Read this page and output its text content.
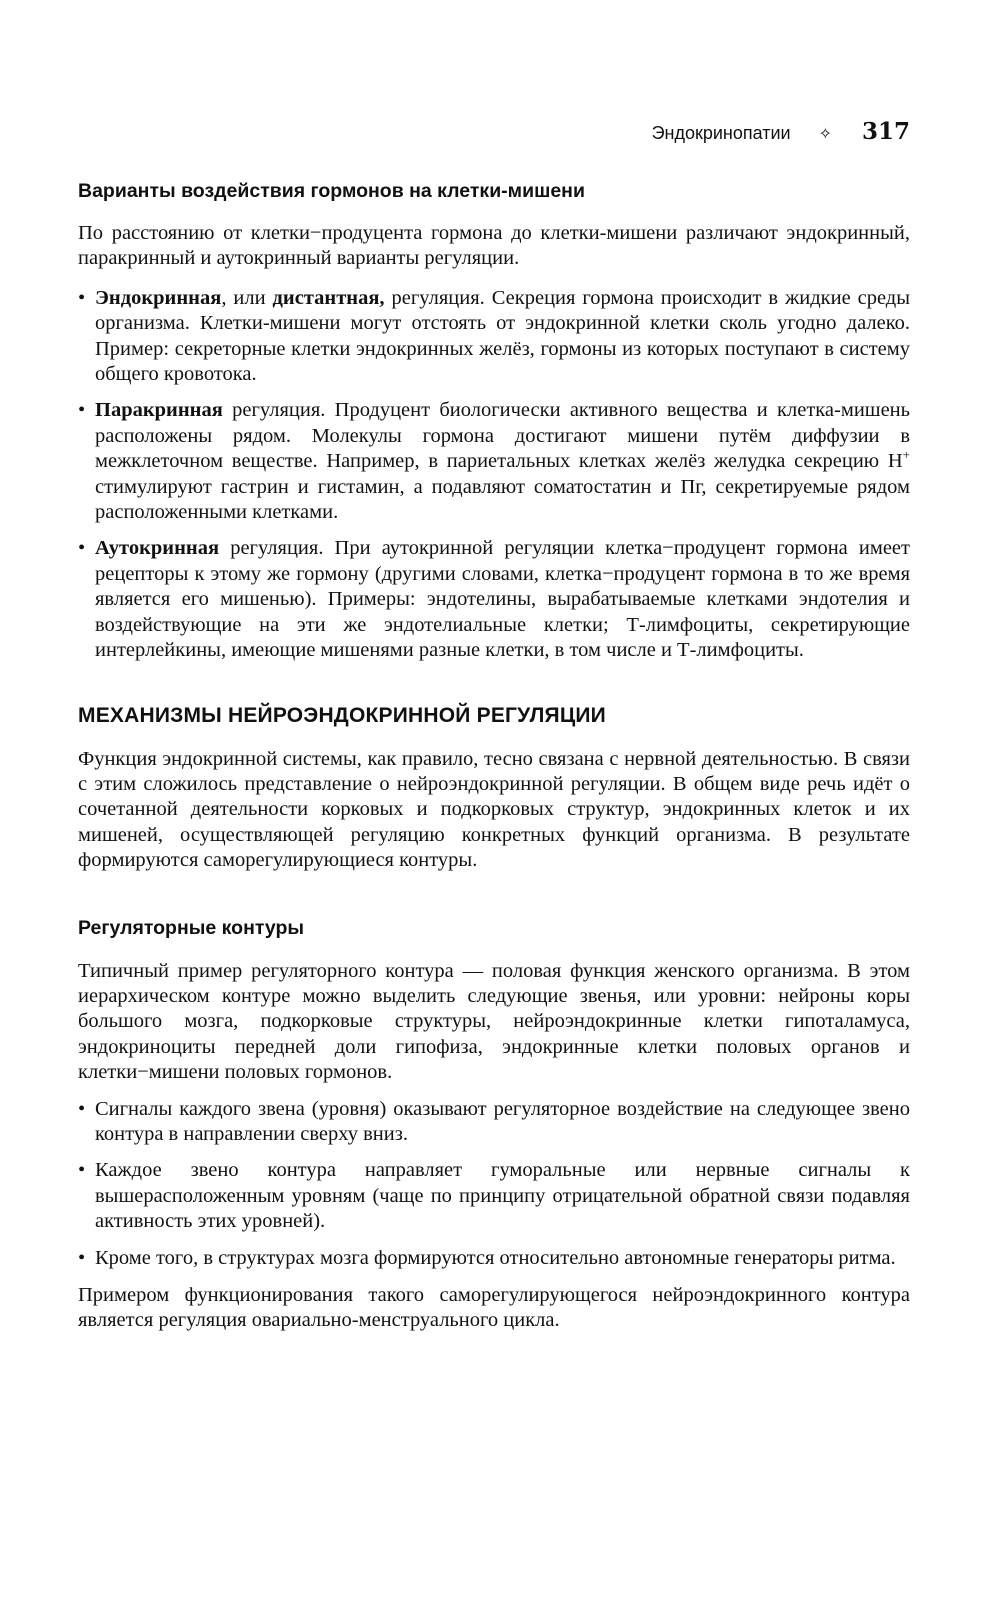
Эндокринопатии ✧ 317
Варианты воздействия гормонов на клетки-мишени

По расстоянию от клетки−продуцента гормона до клетки-мишени различают эндокринный, паракринный и аутокринный варианты регуляции.

• Эндокринная, или дистантная, регуляция. Секреция гормона происходит в жидкие среды организма. Клетки-мишени могут отстоять от эндокринной клетки сколь угодно далеко. Пример: секреторные клетки эндокринных желёз, гормоны из которых поступают в систему общего кровотока.
• Паракринная регуляция. Продуцент биологически активного вещества и клетка-мишень расположены рядом. Молекулы гормона достигают мишени путём диффузии в межклеточном веществе. Например, в париетальных клетках желёз желудка секрецию H+ стимулируют гастрин и гистамин, а подавляют соматостатин и Пг, секретируемые рядом расположенными клетками.
• Аутокринная регуляция. При аутокринной регуляции клетка−продуцент гормона имеет рецепторы к этому же гормону (другими словами, клетка−продуцент гормона в то же время является его мишенью). Примеры: эндотелины, вырабатываемые клетками эндотелия и воздействующие на эти же эндотелиальные клетки; Т-лимфоциты, секретирующие интерлейкины, имеющие мишенями разные клетки, в том числе и Т-лимфоциты.
МЕХАНИЗМЫ НЕЙРОЭНДОКРИННОЙ РЕГУЛЯЦИИ

Функция эндокринной системы, как правило, тесно связана с нервной деятельностью. В связи с этим сложилось представление о нейроэндокринной регуляции. В общем виде речь идёт о сочетанной деятельности корковых и подкорковых структур, эндокринных клеток и их мишеней, осуществляющей регуляцию конкретных функций организма. В результате формируются саморегулирующиеся контуры.

Регуляторные контуры

Типичный пример регуляторного контура — половая функция женского организма. В этом иерархическом контуре можно выделить следующие звенья, или уровни: нейроны коры большого мозга, подкорковые структуры, нейроэндокринные клетки гипоталамуса, эндокриноциты передней доли гипофиза, эндокринные клетки половых органов и клетки−мишени половых гормонов.

• Сигналы каждого звена (уровня) оказывают регуляторное воздействие на следующее звено контура в направлении сверху вниз.
• Каждое звено контура направляет гуморальные или нервные сигналы к вышерасположенным уровням (чаще по принципу отрицательной обратной связи подавляя активность этих уровней).
• Кроме того, в структурах мозга формируются относительно автономные генераторы ритма.

Примером функционирования такого саморегулирующегося нейроэндокринного контура является регуляция овариально-менструального цикла.
